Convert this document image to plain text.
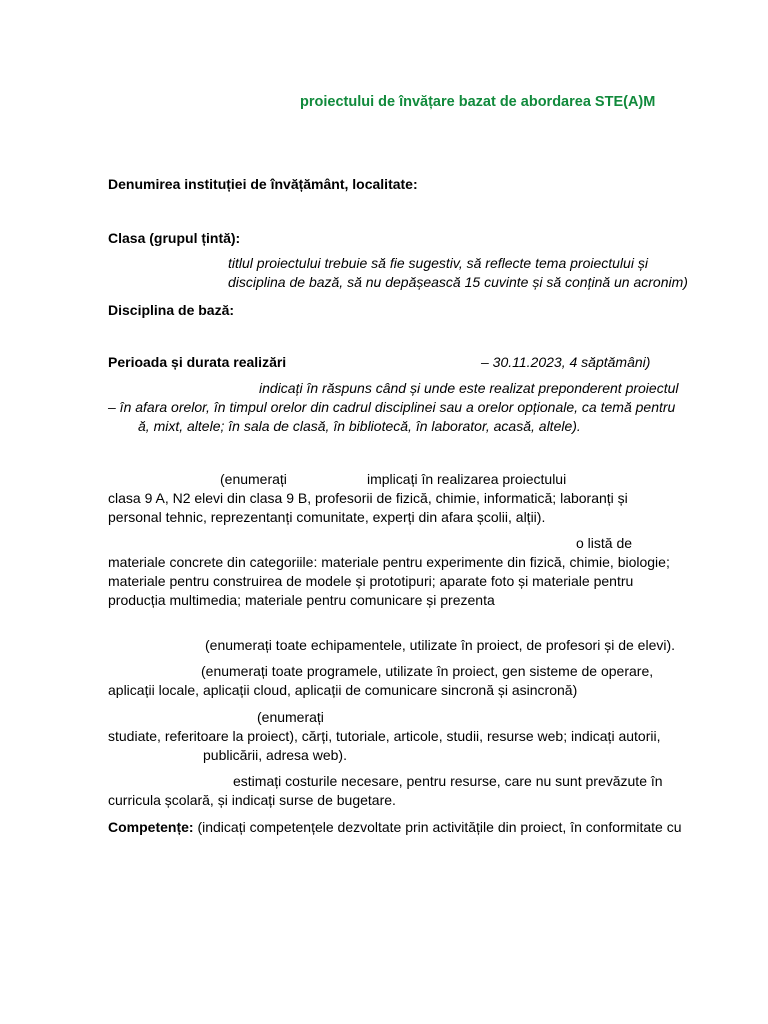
proiectului de învățare bazat de abordarea STE(A)M
Denumirea instituției de învățământ, localitate:
Clasa (grupul țintă):
titlul proiectului trebuie să fie sugestiv, să reflecte tema proiectului și
disciplina de bază, să nu depășească 15 cuvinte și să conțină un acronim)
Disciplina de bază:
Perioada și durata realizări	– 30.11.2023, 4 săptămâni)
indicați în răspuns când și unde este realizat preponderent proiectul
– în afara orelor, în timpul orelor din cadrul disciplinei sau a orelor opționale, ca temă pentru
ă, mixt, altele; în sala de clasă, în bibliotecă, în laborator, acasă, altele).
(enumerați	implicați în realizarea proiectului
clasa 9 A, N2 elevi din clasa 9 B, profesorii de fizică, chimie, informatică; laboranți și
personal tehnic, reprezentanți comunitate, experți din afara școlii, alții).
o listă de
materiale concrete din categoriile: materiale pentru experimente din fizică, chimie, biologie;
materiale pentru construirea de modele și prototipuri; aparate foto și materiale pentru
producția multimedia; materiale pentru comunicare și prezenta
(enumerați toate echipamentele, utilizate în proiect, de profesori și de elevi).
(enumerați toate programele, utilizate în proiect, gen sisteme de operare,
aplicații locale, aplicații cloud, aplicații de comunicare sincronă și asincronă)
(enumerați
studiate, referitoare la proiect), cărți, tutoriale, articole, studii, resurse web; indicați autorii,
publicării, adresa web).
estimați costurile necesare, pentru resurse, care nu sunt prevăzute în
curricula școlară, și indicați surse de bugetare.
Competențe: (indicați competențele dezvoltate prin activitățile din proiect, în conformitate cu
